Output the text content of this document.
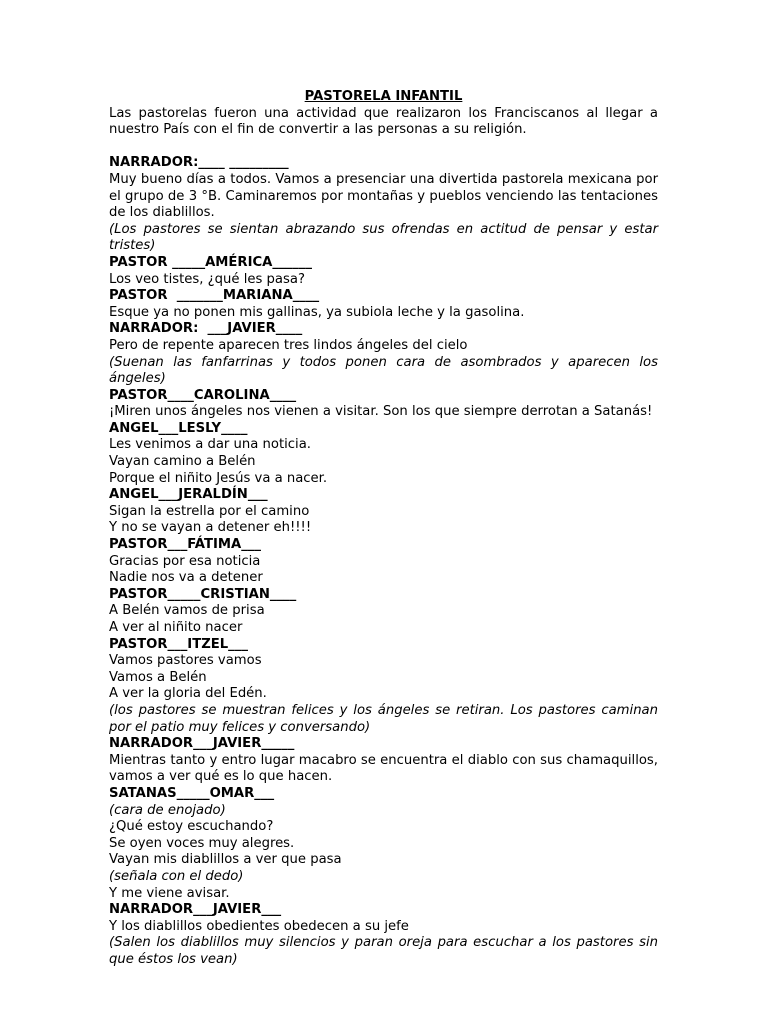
PASTORELA INFANTIL

Las pastorelas fueron una actividad que realizaron los Franciscanos al llegar a nuestro País con el fin de convertir a las personas a su religión.

NARRADOR:____ _________

Muy bueno días a todos. Vamos a presenciar una divertida pastorela mexicana por el grupo de 3 °B. Caminaremos por montañas y pueblos venciendo las tentaciones de los diablillos.

(Los pastores se sientan abrazando sus ofrendas en actitud de pensar y estar tristes)

PASTOR _____AMÉRICA______

Los veo tistes, ¿qué les pasa?

PASTOR  _______MARIANA____

Esque ya no ponen mis gallinas, ya subiola leche y la gasolina.

NARRADOR:  ___JAVIER____

Pero de repente aparecen tres lindos ángeles del cielo

(Suenan las fanfarrinas y todos ponen cara de asombrados y aparecen los ángeles)

PASTOR____CAROLINA____

¡Miren unos ángeles nos vienen a visitar. Son los que siempre derrotan a Satanás!

ANGEL___LESLY____

Les venimos a dar una noticia.

Vayan camino a Belén

Porque el niñito Jesús va a nacer.

ANGEL___JERALDÍN___

Sigan la estrella por el camino

Y no se vayan a detener eh!!!!

PASTOR___FÁTIMA___

Gracias por esa noticia

Nadie nos va a detener

PASTOR_____CRISTIAN____

A Belén vamos de prisa

A ver al niñito nacer

PASTOR___ITZEL___

Vamos pastores vamos

Vamos a Belén

A ver la gloria del Edén.

(los pastores se muestran felices y los ángeles se retiran. Los pastores caminan por el patio muy felices y conversando)

NARRADOR___JAVIER_____

Mientras tanto y entro lugar macabro se encuentra el diablo con sus chamaquillos, vamos a ver qué es lo que hacen.

SATANAS_____OMAR___

(cara de enojado)

¿Qué estoy escuchando?

Se oyen voces muy alegres.

Vayan mis diablillos a ver que pasa

(señala con el dedo)

Y me viene avisar.

NARRADOR___JAVIER___

Y los diablillos obedientes obedecen a su jefe

(Salen los diablillos muy silencios y paran oreja para escuchar a los pastores sin que éstos los vean)
